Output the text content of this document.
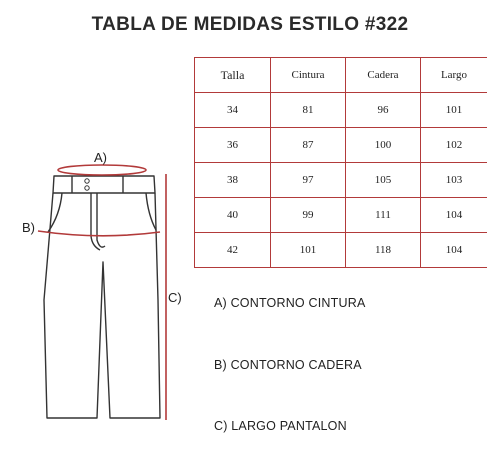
TABLA DE MEDIDAS ESTILO #322
A)
B)
C)
Talla	Cintura	Cadera	Largo
34	81	96	101
36	87	100	102
38	97	105	103
40	99	111	104
42	101	118	104
A) CONTORNO CINTURA
B) CONTORNO CADERA
C) LARGO PANTALON
